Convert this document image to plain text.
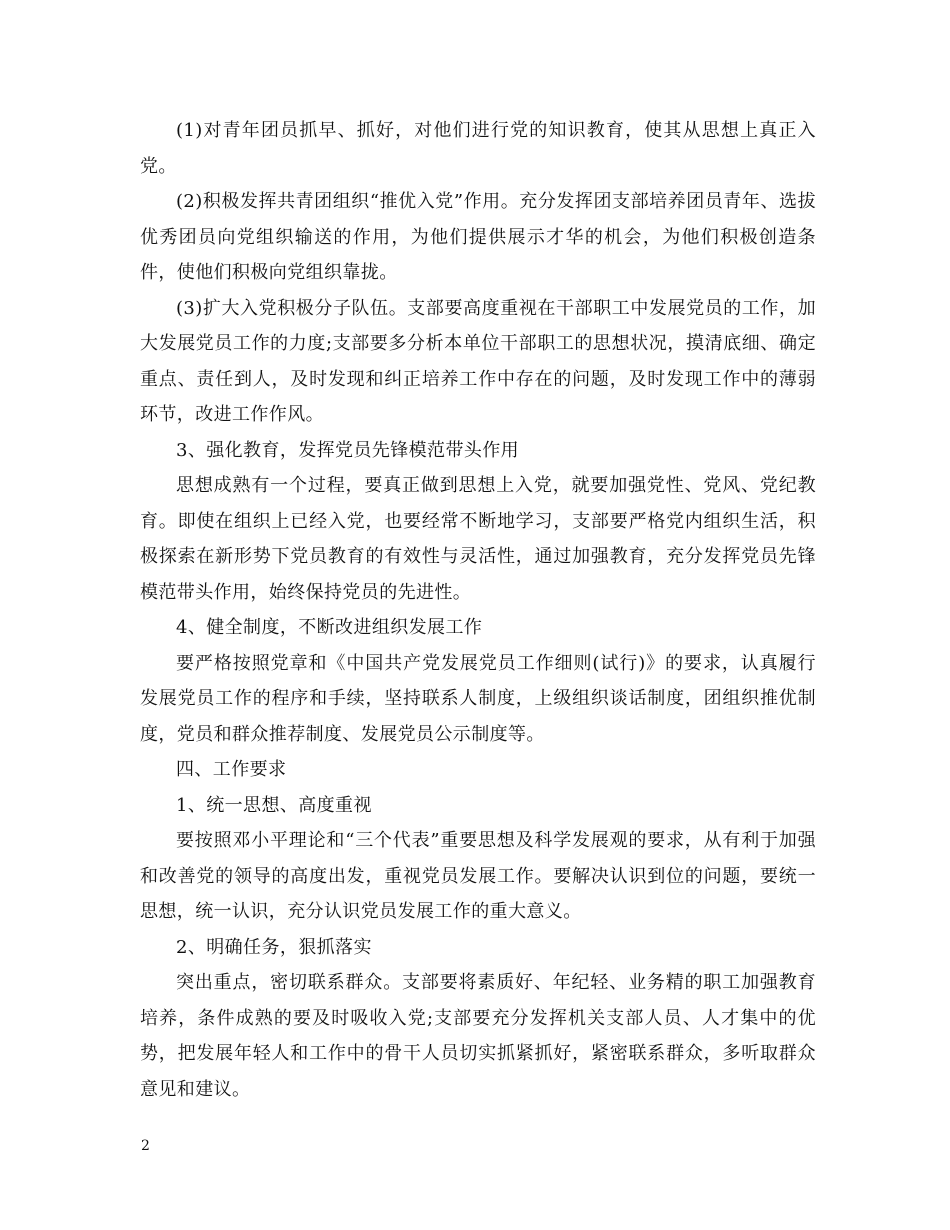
(1)对青年团员抓早、抓好，对他们进行党的知识教育，使其从思想上真正入党。

(2)积极发挥共青团组织“推优入党”作用。充分发挥团支部培养团员青年、选拔优秀团员向党组织输送的作用，为他们提供展示才华的机会，为他们积极创造条件，使他们积极向党组织靠拢。

(3)扩大入党积极分子队伍。支部要高度重视在干部职工中发展党员的工作，加大发展党员工作的力度;支部要多分析本单位干部职工的思想状况，摸清底细、确定重点、责任到人，及时发现和纠正培养工作中存在的问题，及时发现工作中的薄弱环节，改进工作作风。

3、强化教育，发挥党员先锋模范带头作用

思想成熟有一个过程，要真正做到思想上入党，就要加强党性、党风、党纪教育。即使在组织上已经入党，也要经常不断地学习，支部要严格党内组织生活，积极探索在新形势下党员教育的有效性与灵活性，通过加强教育，充分发挥党员先锋模范带头作用，始终保持党员的先进性。

4、健全制度，不断改进组织发展工作

要严格按照党章和《中国共产党发展党员工作细则(试行)》的要求，认真履行发展党员工作的程序和手续，坚持联系人制度，上级组织谈话制度，团组织推优制度，党员和群众推荐制度、发展党员公示制度等。

四、工作要求

1、统一思想、高度重视

要按照邓小平理论和“三个代表”重要思想及科学发展观的要求，从有利于加强和改善党的领导的高度出发，重视党员发展工作。要解决认识到位的问题，要统一思想，统一认识，充分认识党员发展工作的重大意义。

2、明确任务，狠抓落实

突出重点，密切联系群众。支部要将素质好、年纪轻、业务精的职工加强教育培养，条件成熟的要及时吸收入党;支部要充分发挥机关支部人员、人才集中的优势，把发展年轻人和工作中的骨干人员切实抓紧抓好，紧密联系群众，多听取群众意见和建议。

2
